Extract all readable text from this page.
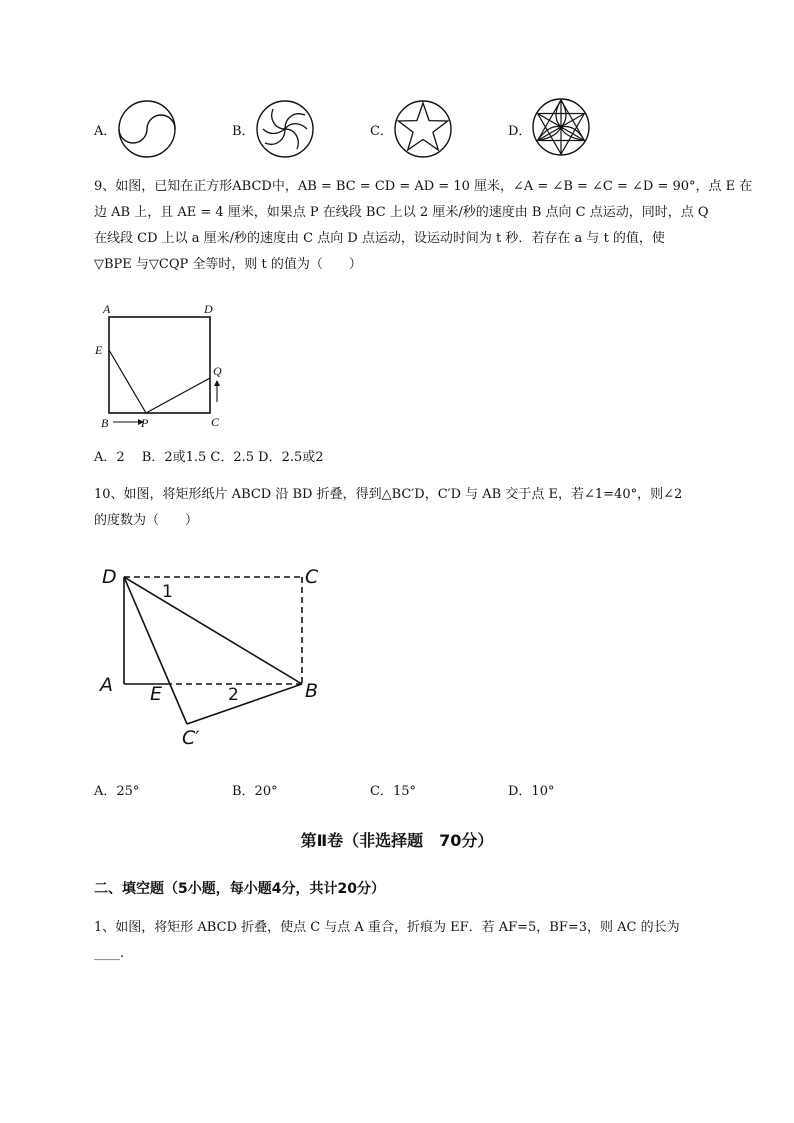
A．	B．	C．	D．
9、如图，已知在正方形ABCD中，AB = BC = CD = AD = 10 厘米，∠A = ∠B = ∠C = ∠D = 90°，点 E 在
边 AB 上，且 AE = 4 厘米，如果点 P 在线段 BC 上以 2 厘米/秒的速度由 B 点向 C 点运动，同时，点 Q
在线段 CD 上以 a 厘米/秒的速度由 C 点向 D 点运动，设运动时间为 t 秒．若存在 a 与 t 的值，使
▽BPE 与▽CQP 全等时，则 t 的值为（　　）
A	D
E
Q
B	P	C
A．2　 B．2或1.5 C．2.5 D．2.5或2
10、如图，将矩形纸片 ABCD 沿 BD 折叠，得到△BC′D，C′D 与 AB 交于点 E，若∠1=40°，则∠2
的度数为（　　）
D	C
A E	B
C′
1
2
A．25°	B．20°	C．15°	D．10°
第Ⅱ卷（非选择题　70分）
二、填空题（5小题，每小题4分，共计20分）
1、如图，将矩形 ABCD 折叠，使点 C 与点 A 重合，折痕为 EF．若 AF=5，BF=3，则 AC 的长为
____.
